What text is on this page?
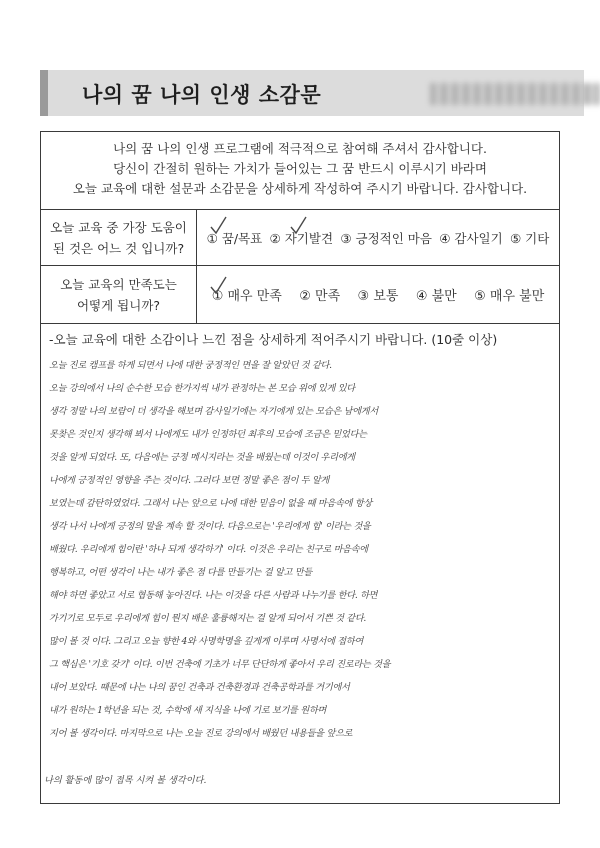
나의 꿈 나의 인생 소감문
나의 꿈 나의 인생 프로그램에 적극적으로 참여해 주셔서 감사합니다.
당신이 간절히 원하는 가치가 들어있는 그 꿈 반드시 이루시기 바라며
오늘 교육에 대한 설문과 소감문을 상세하게 작성하여 주시기 바랍니다. 감사합니다.
오늘 교육 중 가장 도움이
된 것은 어느 것 입니까?
① 꿈/목표 ② 자기발견 ③ 긍정적인 마음 ④ 감사일기 ⑤ 기타
오늘 교육의 만족도는
어떻게 됩니까?
① 매우 만족 ② 만족 ③ 보통 ④ 불만 ⑤ 매우 불만
-오늘 교육에 대한 소감이나 느낀 점을 상세하게 적어주시기 바랍니다. (10줄 이상)
오늘 진로 캠프를 하게 되면서 나에 대한 궁정적인 면을 잘 알았던 것 같다.
오늘 강의에서 나의 순수한 모습 한가지씩 내가 관정하는 본 모습 위에 있게 있다
생각 정말 나의 보람이 더 생각을 해보며 감사일기에는 자기에게 있는 모습은 남에게서
못찾은 것인지 생각해 뵈서 나에게도 내가 인정하던 최후의 모습에 조금은 믿었다는
것을 알게 되었다. 또, 다음에는 긍정 메시지라는 것을 배웠는데 이것이 우리에게
나에게 긍정적인 영향을 주는 것이다. 그러다 보면 정말 좋은 점이 두 알게
보였는데 감탄하였었다. 그래서 나는 앞으로 나에 대한 믿음이 없을 때 마음속에 항상
생각 나서 나에게 긍정의 말을 계속 할 것이다. 다음으로는 '우리에게 힘' 이라는 것을
배웠다. 우리에게 힘이란 '하나 되게 생각하기' 이다. 이것은 우리는 친구로 마음속에
행복하고, 어떤 생각이 나는 내가 좋은 점 다를 만들기는 걸 알고 만들
해야 하면 좋았고 서로 협동해 놓아진다. 나는 이것을 다른 사람과 나누기를 한다. 하면
가기기로 모두로 우리에게 힘이 뭔지 배운 훌륭해지는 걸 알게 되어서 기쁜 것 같다.
많이 볼 것 이다. 그리고 오늘 향한 4와 사명학명을 깊게게 이루며 사명서에 접하여
그 핵심은 '기호 갖기' 이다. 이번 건축에 기초가 너무 단단하게 좋아서 우리 진로라는 것을
내어 보았다. 때문에 나는 나의 꿈인 건축과 건축환경과 건축공학과를 거기에서
내가 원하는 1학년을 되는 것, 수학에 새 지식을 나에 기로 보기를 원하며
지어 볼 생각이다. 마지막으로 나는 오늘 진로 강의에서 배웠던 내용들을 앞으로
나의 활동에 많이 접목 시켜 볼 생각이다.
